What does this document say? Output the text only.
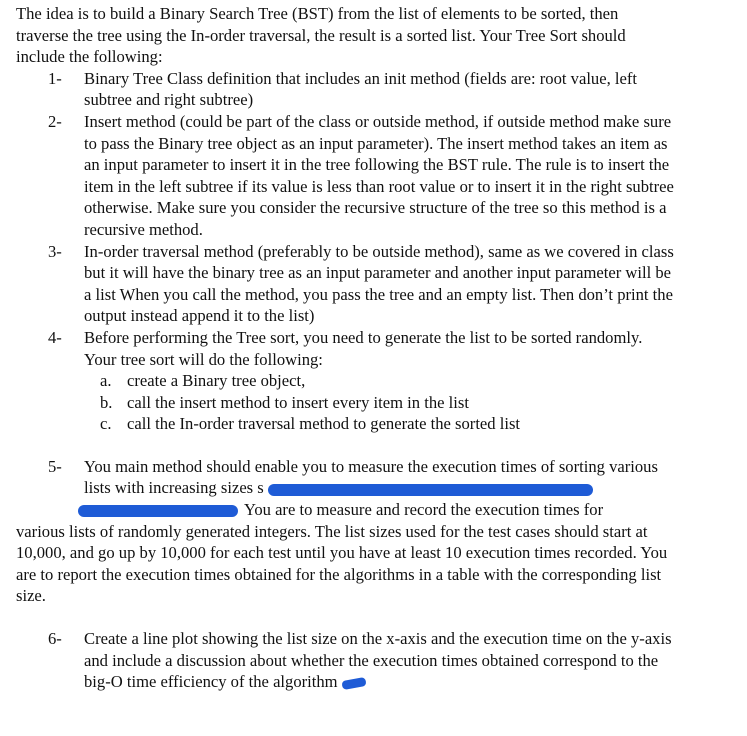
The idea is to build a Binary Search Tree (BST) from the list of elements to be sorted, then traverse the tree using the In-order traversal, the result is a sorted list. Your Tree Sort should include the following:

1- Binary Tree Class definition that includes an init method (fields are: root value, left subtree and right subtree)

2- Insert method (could be part of the class or outside method, if outside method make sure to pass the Binary tree object as an input parameter). The insert method takes an item as an input parameter to insert it in the tree following the BST rule. The rule is to insert the item in the left subtree if its value is less than root value or to insert it in the right subtree otherwise. Make sure you consider the recursive structure of the tree so this method is a recursive method.

3- In-order traversal method (preferably to be outside method), same as we covered in class but it will have the binary tree as an input parameter and another input parameter will be a list When you call the method, you pass the tree and an empty list. Then don’t print the output instead append it to the list)

4- Before performing the Tree sort, you need to generate the list to be sorted randomly. Your tree sort will do the following:

a. create a Binary tree object,
b. call the insert method to insert every item in the list
c. call the In-order traversal method to generate the sorted list
5- You main method should enable you to measure the execution times of sorting various lists with increasing sizes s
You are to measure and record the execution times for

various lists of randomly generated integers. The list sizes used for the test cases should start at 10,000, and go up by 10,000 for each test until you have at least 10 execution times recorded. You are to report the execution times obtained for the algorithms in a table with the corresponding list size.

6- Create a line plot showing the list size on the x-axis and the execution time on the y-axis and include a discussion about whether the execution times obtained correspond to the big-O time efficiency of the algorithm
